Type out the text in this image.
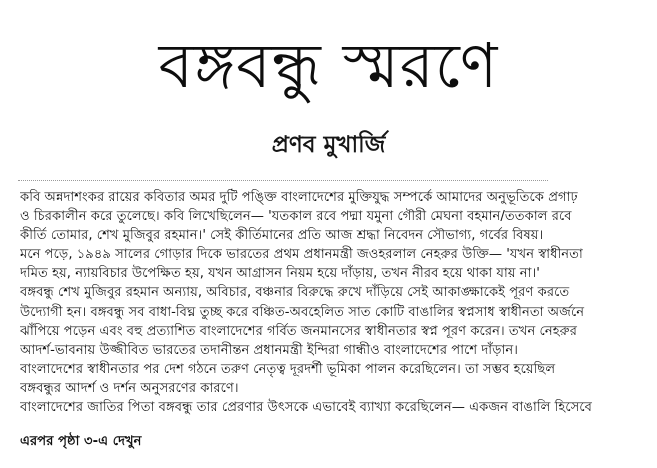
বঙ্গবন্ধু স্মরণে
প্রণব মুখার্জি
কবি অন্নদাশংকর রায়ের কবিতার অমর দুটি পঙ্ক্তি বাংলাদেশের মুক্তিযুদ্ধ সম্পর্কে আমাদের অনুভূতিকে প্রগাঢ়
ও চিরকালীন করে তুলেছে। কবি লিখেছিলেন— 'যতকাল রবে পদ্মা যমুনা গৌরী মেঘনা বহমান/ততকাল রবে
কীর্তি তোমার, শেখ মুজিবুর রহমান।' সেই কীর্তিমানের প্রতি আজ শ্রদ্ধা নিবেদন সৌভাগ্য, গর্বের বিষয়।
মনে পড়ে, ১৯৪৯ সালের গোড়ার দিকে ভারতের প্রথম প্রধানমন্ত্রী জওহরলাল নেহরুর উক্তি— 'যখন স্বাধীনতা
দমিত হয়, ন্যায়বিচার উপেক্ষিত হয়, যখন আগ্রাসন নিয়ম হয়ে দাঁড়ায়, তখন নীরব হয়ে থাকা যায় না।'
বঙ্গবন্ধু শেখ মুজিবুর রহমান অন্যায়, অবিচার, বঞ্চনার বিরুদ্ধে রুখে দাঁড়িয়ে সেই আকাঙ্ক্ষাকেই পূরণ করতে
উদ্যোগী হন। বঙ্গবন্ধু সব বাধা-বিঘ্ন তুচ্ছ করে বঞ্চিত-অবহেলিত সাত কোটি বাঙালির স্বপ্নসাধ স্বাধীনতা অর্জনে
ঝাঁপিয়ে পড়েন এবং বহু প্রত্যাশিত বাংলাদেশের গর্বিত জনমানসের স্বাধীনতার স্বপ্ন পূরণ করেন। তখন নেহরুর
আদর্শ-ভাবনায় উজ্জীবিত ভারতের তদানীন্তন প্রধানমন্ত্রী ইন্দিরা গান্ধীও বাংলাদেশের পাশে দাঁড়ান।
বাংলাদেশের স্বাধীনতার পর দেশ গঠনে তরুণ নেতৃত্ব দূরদর্শী ভূমিকা পালন করেছিলেন। তা সম্ভব হয়েছিল
বঙ্গবন্ধুর আদর্শ ও দর্শন অনুসরণের কারণে।
বাংলাদেশের জাতির পিতা বঙ্গবন্ধু তার প্রেরণার উৎসকে এভাবেই ব্যাখ্যা করেছিলেন— একজন বাঙালি হিসেবে
এরপর পৃষ্ঠা ৩-এ দেখুন
